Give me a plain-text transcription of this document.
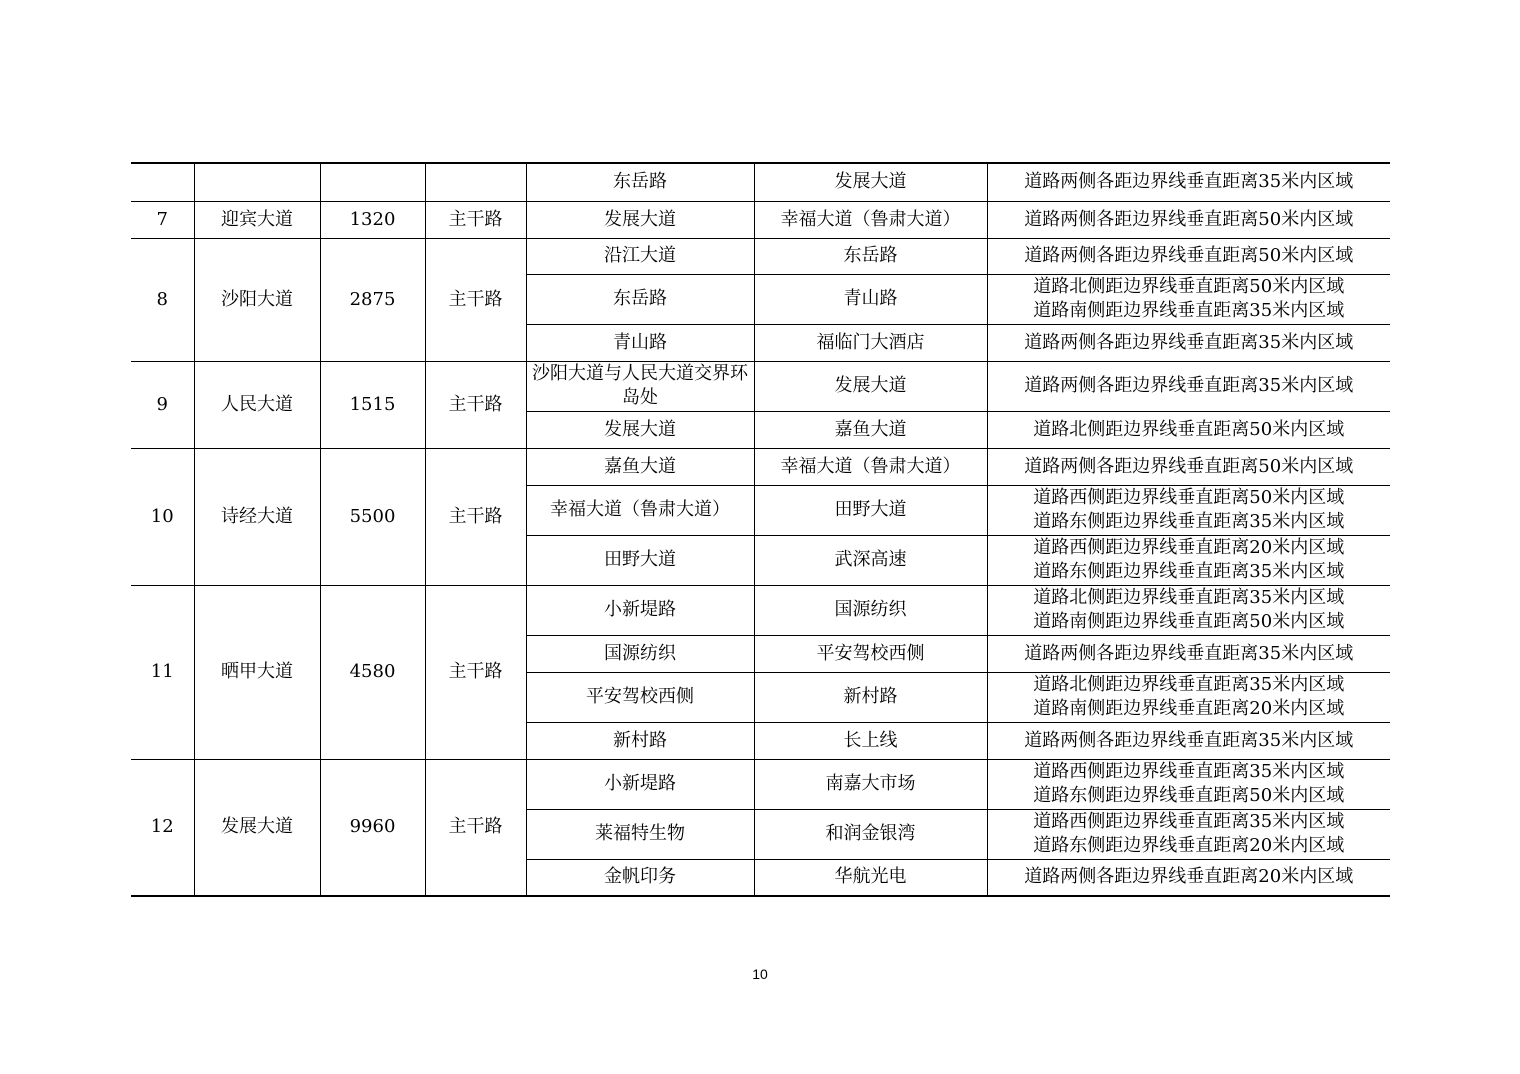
				东岳路	发展大道	道路两侧各距边界线垂直距离35米内区域

7	迎宾大道	1320	主干路	发展大道	幸福大道（鲁肃大道）	道路两侧各距边界线垂直距离50米内区域

8	沙阳大道	2875	主干路	沿江大道	东岳路	道路两侧各距边界线垂直距离50米内区域

				东岳路	青山路	道路北侧距边界线垂直距离50米内区域
道路南侧距边界线垂直距离35米内区域

				青山路	福临门大酒店	道路两侧各距边界线垂直距离35米内区域

9	人民大道	1515	主干路	沙阳大道与人民大道交界环岛处	发展大道	道路两侧各距边界线垂直距离35米内区域

				发展大道	嘉鱼大道	道路北侧距边界线垂直距离50米内区域

10	诗经大道	5500	主干路	嘉鱼大道	幸福大道（鲁肃大道）	道路两侧各距边界线垂直距离50米内区域

				幸福大道（鲁肃大道）	田野大道	道路西侧距边界线垂直距离50米内区域
道路东侧距边界线垂直距离35米内区域

				田野大道	武深高速	道路西侧距边界线垂直距离20米内区域
道路东侧距边界线垂直距离35米内区域

11	晒甲大道	4580	主干路	小新堤路	国源纺织	道路北侧距边界线垂直距离35米内区域
道路南侧距边界线垂直距离50米内区域

				国源纺织	平安驾校西侧	道路两侧各距边界线垂直距离35米内区域

				平安驾校西侧	新村路	道路北侧距边界线垂直距离35米内区域
道路南侧距边界线垂直距离20米内区域

				新村路	长上线	道路两侧各距边界线垂直距离35米内区域

12	发展大道	9960	主干路	小新堤路	南嘉大市场	道路西侧距边界线垂直距离35米内区域
道路东侧距边界线垂直距离50米内区域

				莱福特生物	和润金银湾	道路西侧距边界线垂直距离35米内区域
道路东侧距边界线垂直距离20米内区域

				金帆印务	华航光电	道路两侧各距边界线垂直距离20米内区域
10
